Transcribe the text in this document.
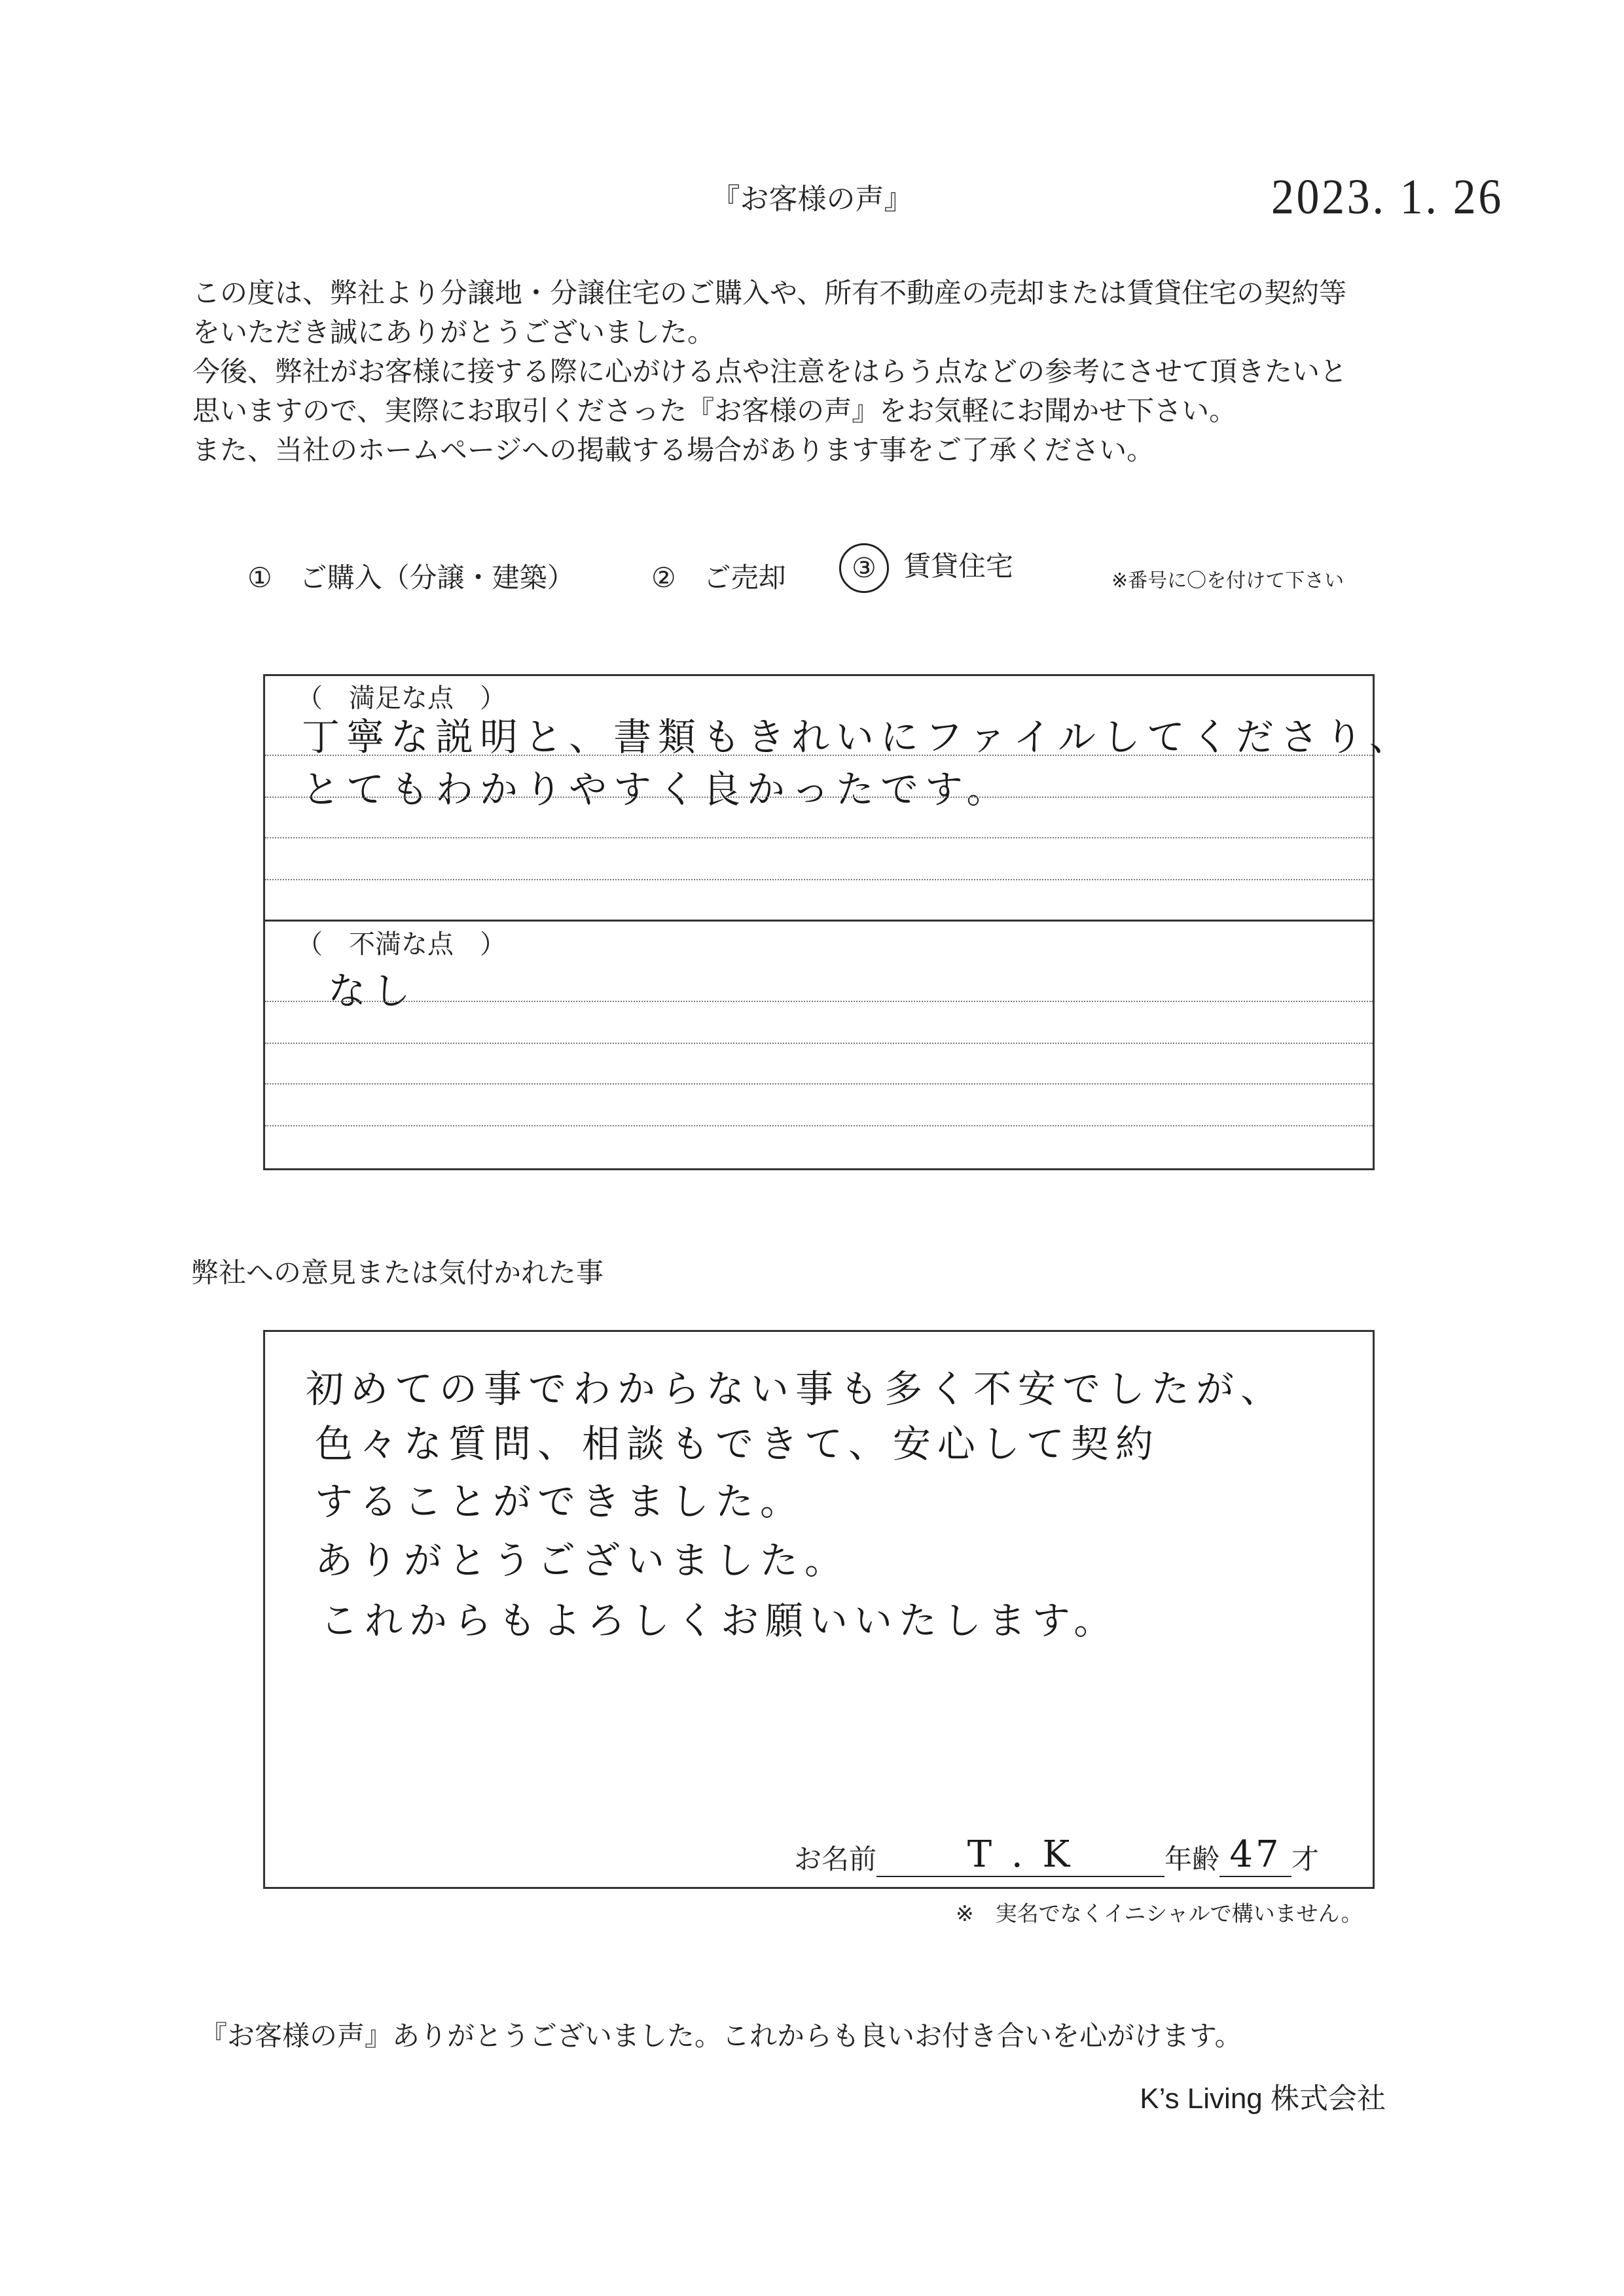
『お客様の声』	2023. 1. 26
この度は、弊社より分譲地・分譲住宅のご購入や、所有不動産の売却または賃貸住宅の契約等
をいただき誠にありがとうございました。
今後、弊社がお客様に接する際に心がける点や注意をはらう点などの参考にさせて頂きたいと
思いますので、実際にお取引くださった『お客様の声』をお気軽にお聞かせ下さい。
また、当社のホームページへの掲載する場合があります事をご了承ください。
①　ご購入（分譲・建築）	②　ご売却	③ 賃貸住宅	※番号に〇を付けて下さい
（　満足な点　）
丁寧な説明と、書類もきれいにファイルしてくださり、
とてもわかりやすく良かったです。
（　不満な点　）
なし
弊社への意見または気付かれた事
初めての事でわからない事も多く不安でしたが、
色々な質問、相談もできて、安心して契約
することができました。
ありがとうございました。
これからもよろしくお願いいたします。
お名前 T . K	年齢 47 才
※　実名でなくイニシャルで構いません。
『お客様の声』ありがとうございました。これからも良いお付き合いを心がけます。
K’s Living 株式会社
